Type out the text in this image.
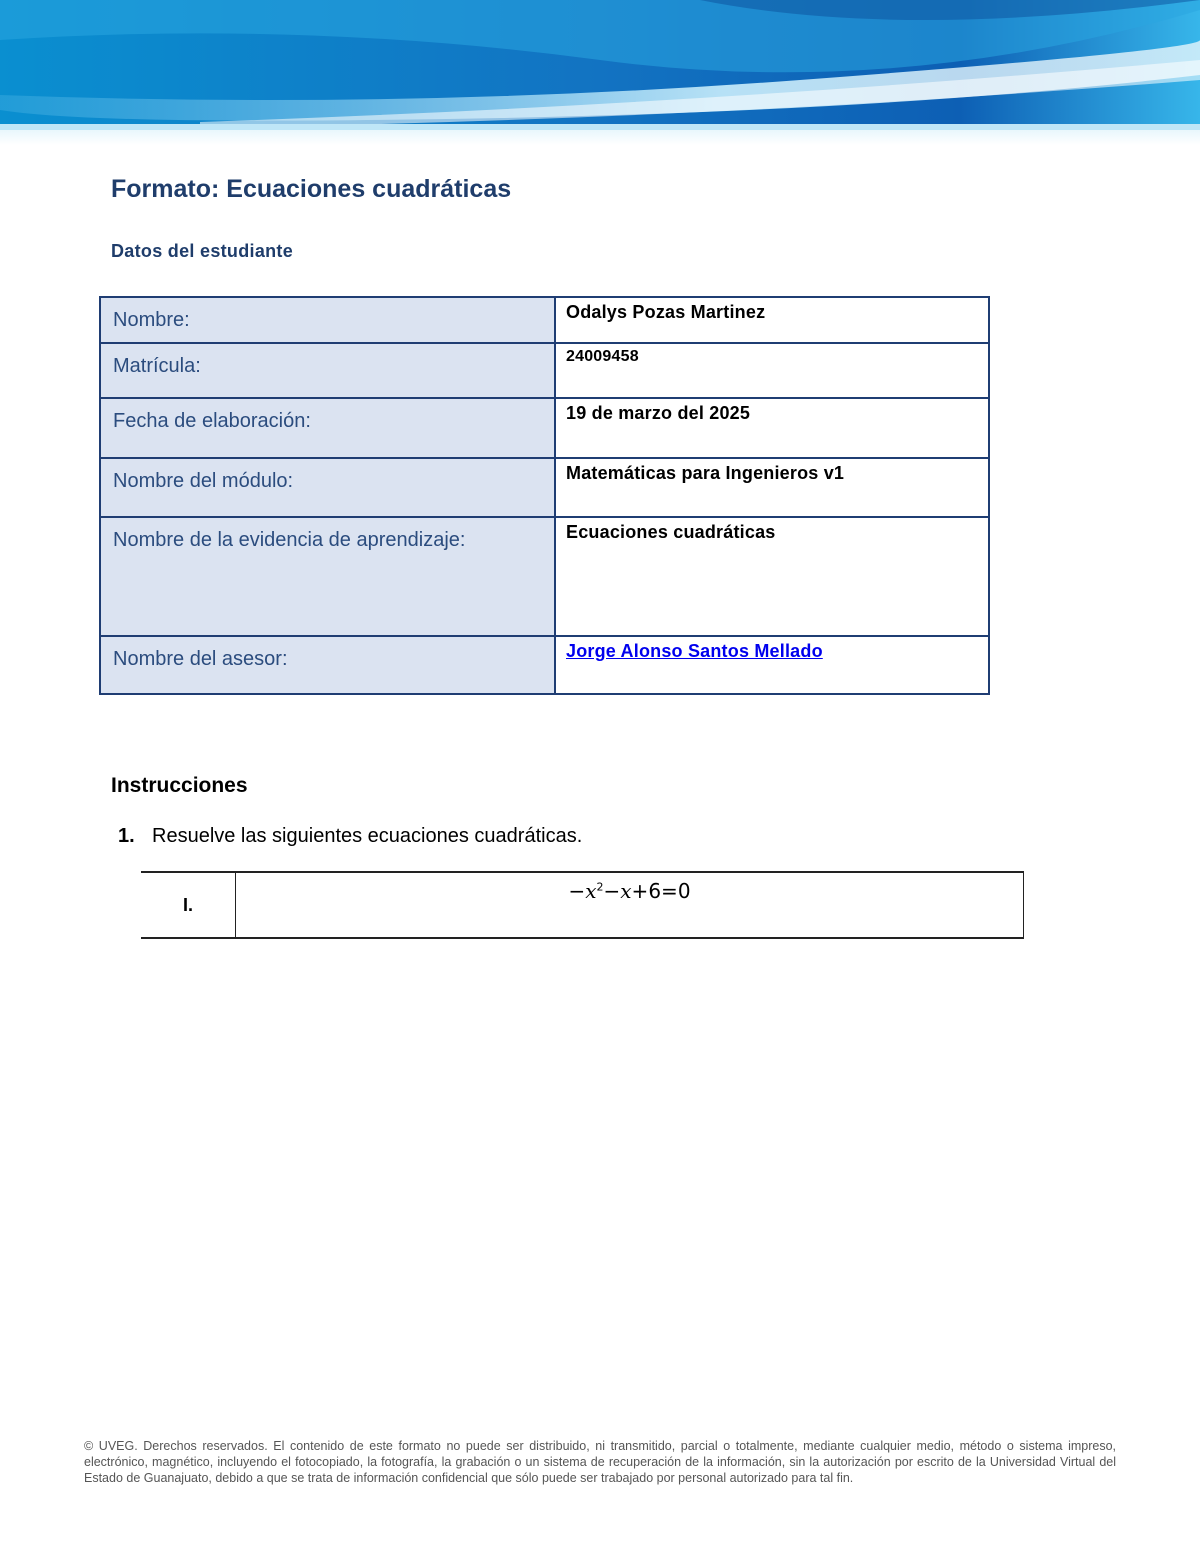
Formato: Ecuaciones cuadráticas
Datos del estudiante
Nombre:	Odalys Pozas Martinez
Matrícula:	24009458
Fecha de elaboración:	19 de marzo del 2025
Nombre del módulo:	Matemáticas para Ingenieros v1
Nombre de la evidencia de aprendizaje:	Ecuaciones cuadráticas
Nombre del asesor:	Jorge Alonso Santos Mellado
Instrucciones
1. Resuelve las siguientes ecuaciones cuadráticas.
I.	$-x^2-x+6=0$

© UVEG. Derechos reservados. El contenido de este formato no puede ser distribuido, ni transmitido, parcial o totalmente, mediante cualquier medio, método o sistema impreso, electrónico, magnético, incluyendo el fotocopiado, la fotografía, la grabación o un sistema de recuperación de la información, sin la autorización por escrito de la Universidad Virtual del Estado de Guanajuato, debido a que se trata de información confidencial que sólo puede ser trabajado por personal autorizado para tal fin.
